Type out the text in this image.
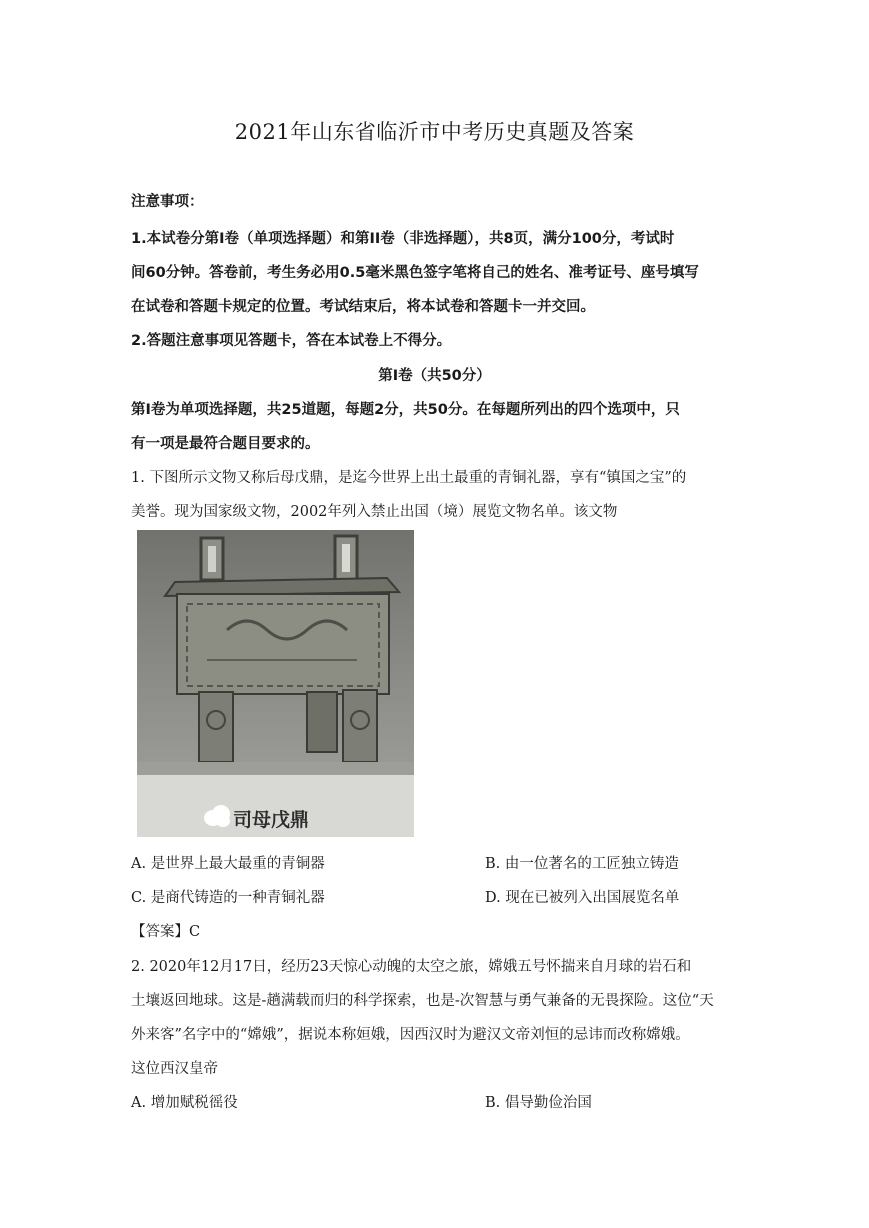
2021年山东省临沂市中考历史真题及答案
注意事项：
1.本试卷分第Ⅰ卷（单项选择题）和第II卷（非选择题），共8页，满分100分，考试时
间60分钟。答卷前，考生务必用0.5毫米黑色签字笔将自己的姓名、准考证号、座号填写
在试卷和答题卡规定的位置。考试结束后，将本试卷和答题卡一并交回。
2.答题注意事项见答题卡，答在本试卷上不得分。
第Ⅰ卷（共50分）
第Ⅰ卷为单项选择题，共25道题，每题2分，共50分。在每题所列出的四个选项中，只
有一项是最符合题目要求的。
1. 下图所示文物又称后母戊鼎，是迄今世界上出土最重的青铜礼器，享有“镇国之宝”的
美誉。现为国家级文物，2002年列入禁止出国（境）展览文物名单。该文物
司母戊鼎
A. 是世界上最大最重的青铜器	B. 由一位著名的工匠独立铸造
C. 是商代铸造的一种青铜礼器	D. 现在已被列入出国展览名单
【答案】C
2. 2020年12月17日，经历23天惊心动魄的太空之旅，嫦娥五号怀揣来自月球的岩石和
土壤返回地球。这是-趟满载而归的科学探索，也是-次智慧与勇气兼备的无畏探险。这位“天
外来客”名字中的“嫦娥”，据说本称姮娥，因西汉时为避汉文帝刘恒的忌讳而改称嫦娥。
这位西汉皇帝
A. 增加赋税徭役	B. 倡导勤俭治国
